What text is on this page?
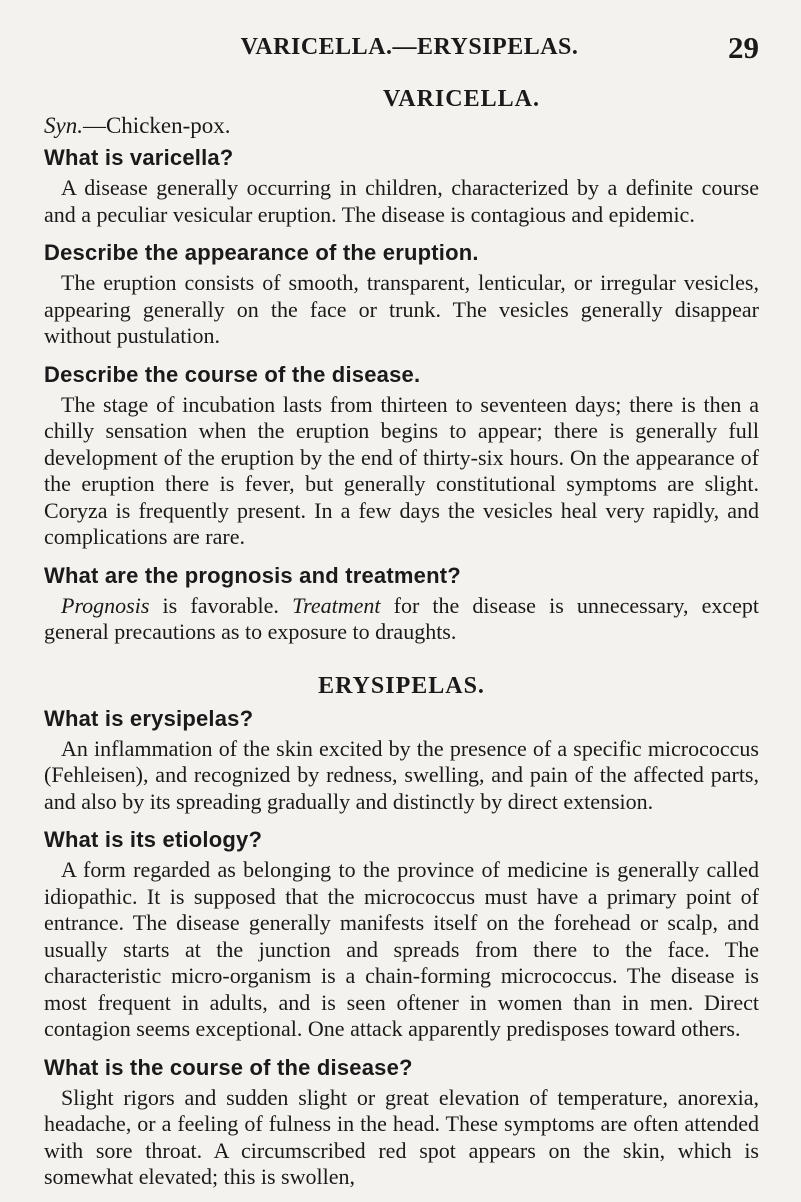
VARICELLA.—ERYSIPELAS.	29
VARICELLA.

Syn.—Chicken-pox.

What is varicella?

A disease generally occurring in children, characterized by a definite course and a peculiar vesicular eruption. The disease is contagious and epidemic.

Describe the appearance of the eruption.

The eruption consists of smooth, transparent, lenticular, or irregular vesicles, appearing generally on the face or trunk. The vesicles generally disappear without pustulation.

Describe the course of the disease.

The stage of incubation lasts from thirteen to seventeen days; there is then a chilly sensation when the eruption begins to appear; there is generally full development of the eruption by the end of thirty-six hours. On the appearance of the eruption there is fever, but generally constitutional symptoms are slight. Coryza is frequently present. In a few days the vesicles heal very rapidly, and complications are rare.

What are the prognosis and treatment?

Prognosis is favorable. Treatment for the disease is unnecessary, except general precautions as to exposure to draughts.

ERYSIPELAS.
What is erysipelas?

An inflammation of the skin excited by the presence of a specific micrococcus (Fehleisen), and recognized by redness, swelling, and pain of the affected parts, and also by its spreading gradually and distinctly by direct extension.

What is its etiology?

A form regarded as belonging to the province of medicine is generally called idiopathic. It is supposed that the micrococcus must have a primary point of entrance. The disease generally manifests itself on the forehead or scalp, and usually starts at the junction and spreads from there to the face. The characteristic micro-organism is a chain-forming micrococcus. The disease is most frequent in adults, and is seen oftener in women than in men. Direct contagion seems exceptional. One attack apparently predisposes toward others.

What is the course of the disease?

Slight rigors and sudden slight or great elevation of temperature, anorexia, headache, or a feeling of fulness in the head. These symptoms are often attended with sore throat. A circumscribed red spot appears on the skin, which is somewhat elevated; this is swollen,
